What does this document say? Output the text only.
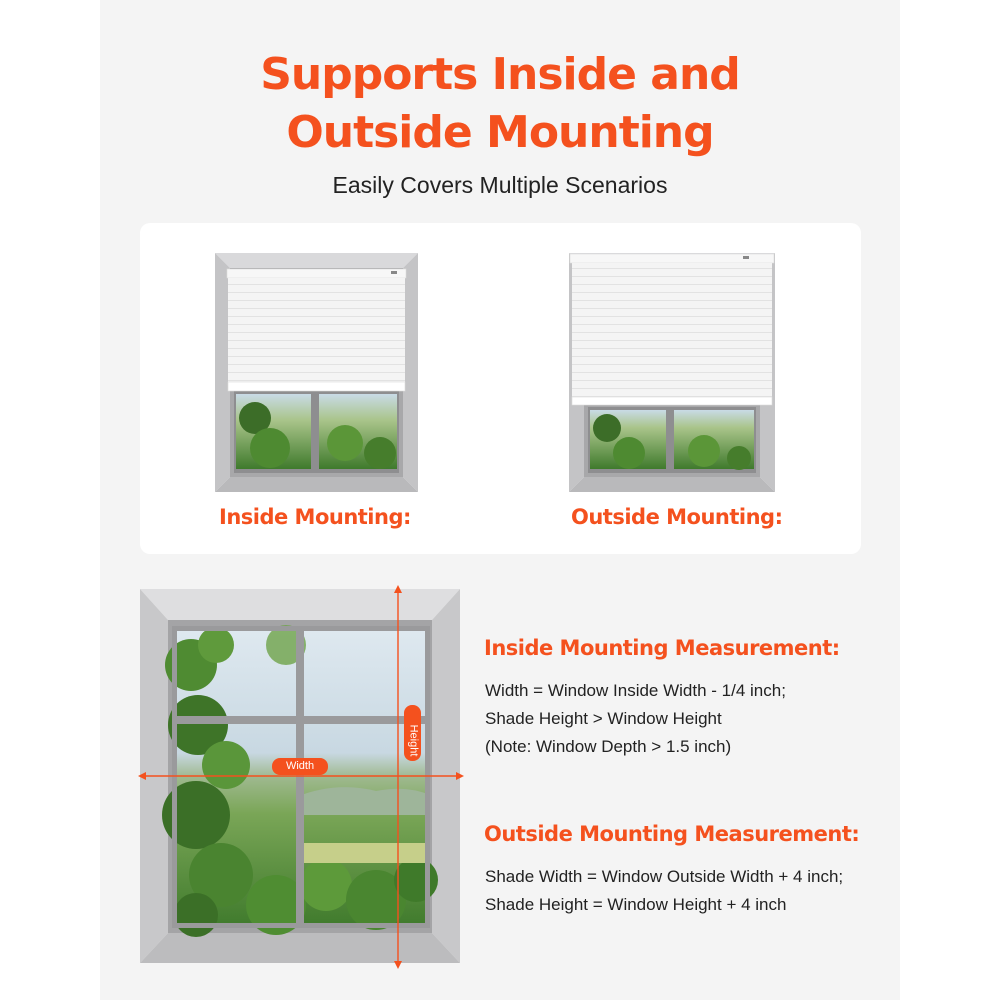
Supports Inside and
Outside Mounting
Easily Covers Multiple Scenarios
Inside Mounting:	Outside Mounting:
Width
Height
Inside Mounting Measurement:
Width = Window Inside Width - 1/4 inch;
Shade Height > Window Height
(Note: Window Depth > 1.5 inch)
Outside Mounting Measurement:
Shade Width = Window Outside Width + 4 inch;
Shade Height = Window Height + 4 inch
